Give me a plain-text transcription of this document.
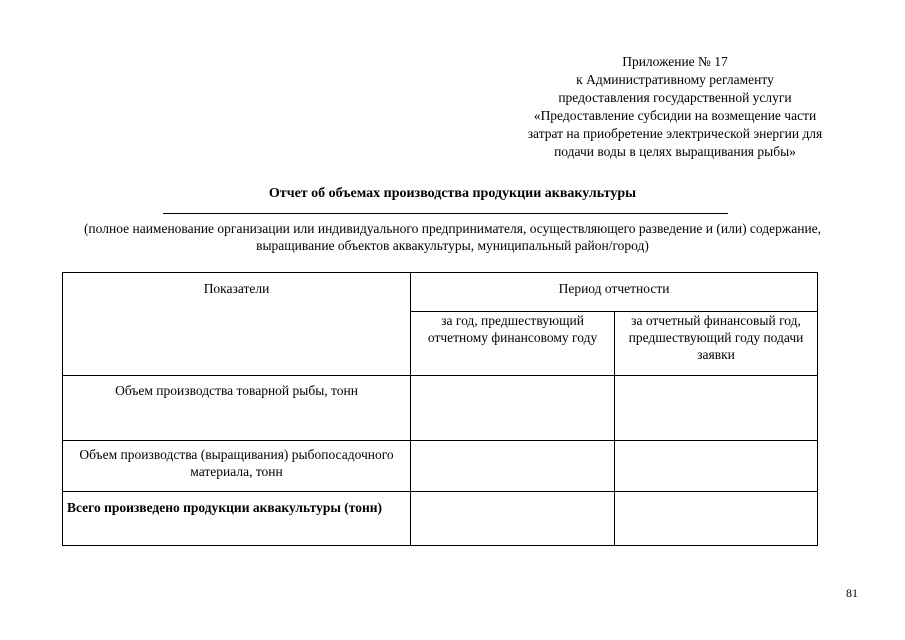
Приложение № 17
к Административному регламенту
предоставления государственной услуги
«Предоставление субсидии на возмещение части
затрат на приобретение электрической энергии для
подачи воды в целях выращивания рыбы»
Отчет об объемах производства продукции аквакультуры
(полное наименование организации или индивидуального предпринимателя, осуществляющего разведение и (или) содержание,
выращивание объектов аквакультуры, муниципальный район/город)
Показатели	Период отчетности	
	за год, предшествующий отчетному финансовому году	за отчетный финансовый год, предшествующий году подачи заявки
Объем производства товарной рыбы, тонн		
Объем производства (выращивания) рыбопосадочного материала, тонн		
Всего произведено продукции аквакультуры (тонн)		
81
